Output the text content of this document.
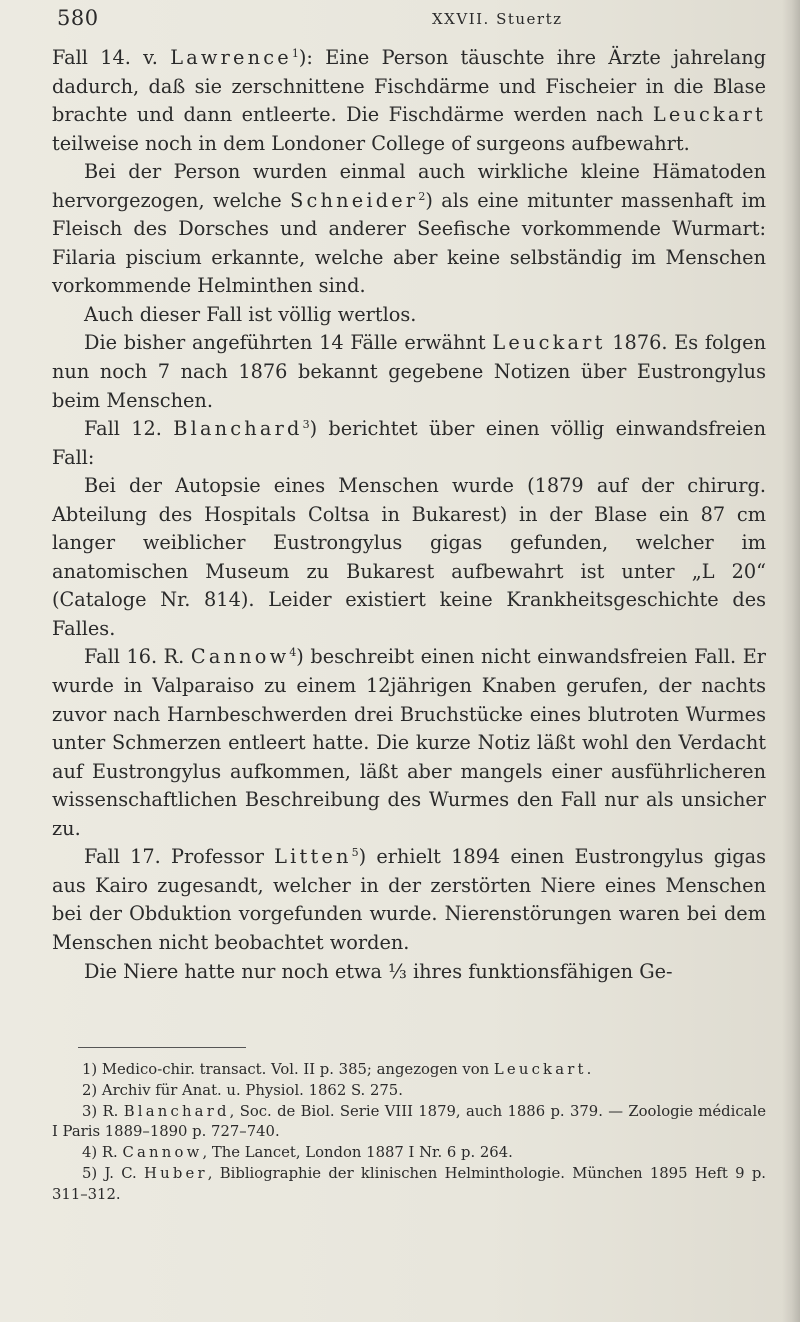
580	XXVII. Stuertz

Fall 14. v. Lawrence$^1$): Eine Person täuschte ihre Ärzte jahrelang dadurch, daß sie zerschnittene Fischdärme und Fischeier in die Blase brachte und dann entleerte. Die Fischdärme werden nach Leuckart teilweise noch in dem Londoner College of surgeons aufbewahrt.

Bei der Person wurden einmal auch wirkliche kleine Hämatoden hervorgezogen, welche Schneider$^2$) als eine mitunter massenhaft im Fleisch des Dorsches und anderer Seefische vorkommende Wurmart: Filaria piscium erkannte, welche aber keine selbständig im Menschen vorkommende Helminthen sind.

Auch dieser Fall ist völlig wertlos.

Die bisher angeführten 14 Fälle erwähnt Leuckart 1876. Es folgen nun noch 7 nach 1876 bekannt gegebene Notizen über Eustrongylus beim Menschen.

Fall 12. Blanchard$^3$) berichtet über einen völlig einwandsfreien Fall:

Bei der Autopsie eines Menschen wurde (1879 auf der chirurg. Abteilung des Hospitals Coltsa in Bukarest) in der Blase ein 87 cm langer weiblicher Eustrongylus gigas gefunden, welcher im anatomischen Museum zu Bukarest aufbewahrt ist unter „L 20“ (Cataloge Nr. 814). Leider existiert keine Krankheitsgeschichte des Falles.

Fall 16. R. Cannow$^4$) beschreibt einen nicht einwandsfreien Fall. Er wurde in Valparaiso zu einem 12jährigen Knaben gerufen, der nachts zuvor nach Harnbeschwerden drei Bruchstücke eines blutroten Wurmes unter Schmerzen entleert hatte. Die kurze Notiz läßt wohl den Verdacht auf Eustrongylus aufkommen, läßt aber mangels einer ausführlicheren wissenschaftlichen Beschreibung des Wurmes den Fall nur als unsicher zu.

Fall 17. Professor Litten$^5$) erhielt 1894 einen Eustrongylus gigas aus Kairo zugesandt, welcher in der zerstörten Niere eines Menschen bei der Obduktion vorgefunden wurde. Nierenstörungen waren bei dem Menschen nicht beobachtet worden.

Die Niere hatte nur noch etwa ⅓ ihres funktionsfähigen Ge-

1) Medico-chir. transact. Vol. II p. 385; angezogen von Leuckart.

2) Archiv für Anat. u. Physiol. 1862 S. 275.

3) R. Blanchard, Soc. de Biol. Serie VIII 1879, auch 1886 p. 379. — Zoologie médicale I Paris 1889–1890 p. 727–740.

4) R. Cannow, The Lancet, London 1887 I Nr. 6 p. 264.

5) J. C. Huber, Bibliographie der klinischen Helminthologie. München 1895 Heft 9 p. 311–312.
